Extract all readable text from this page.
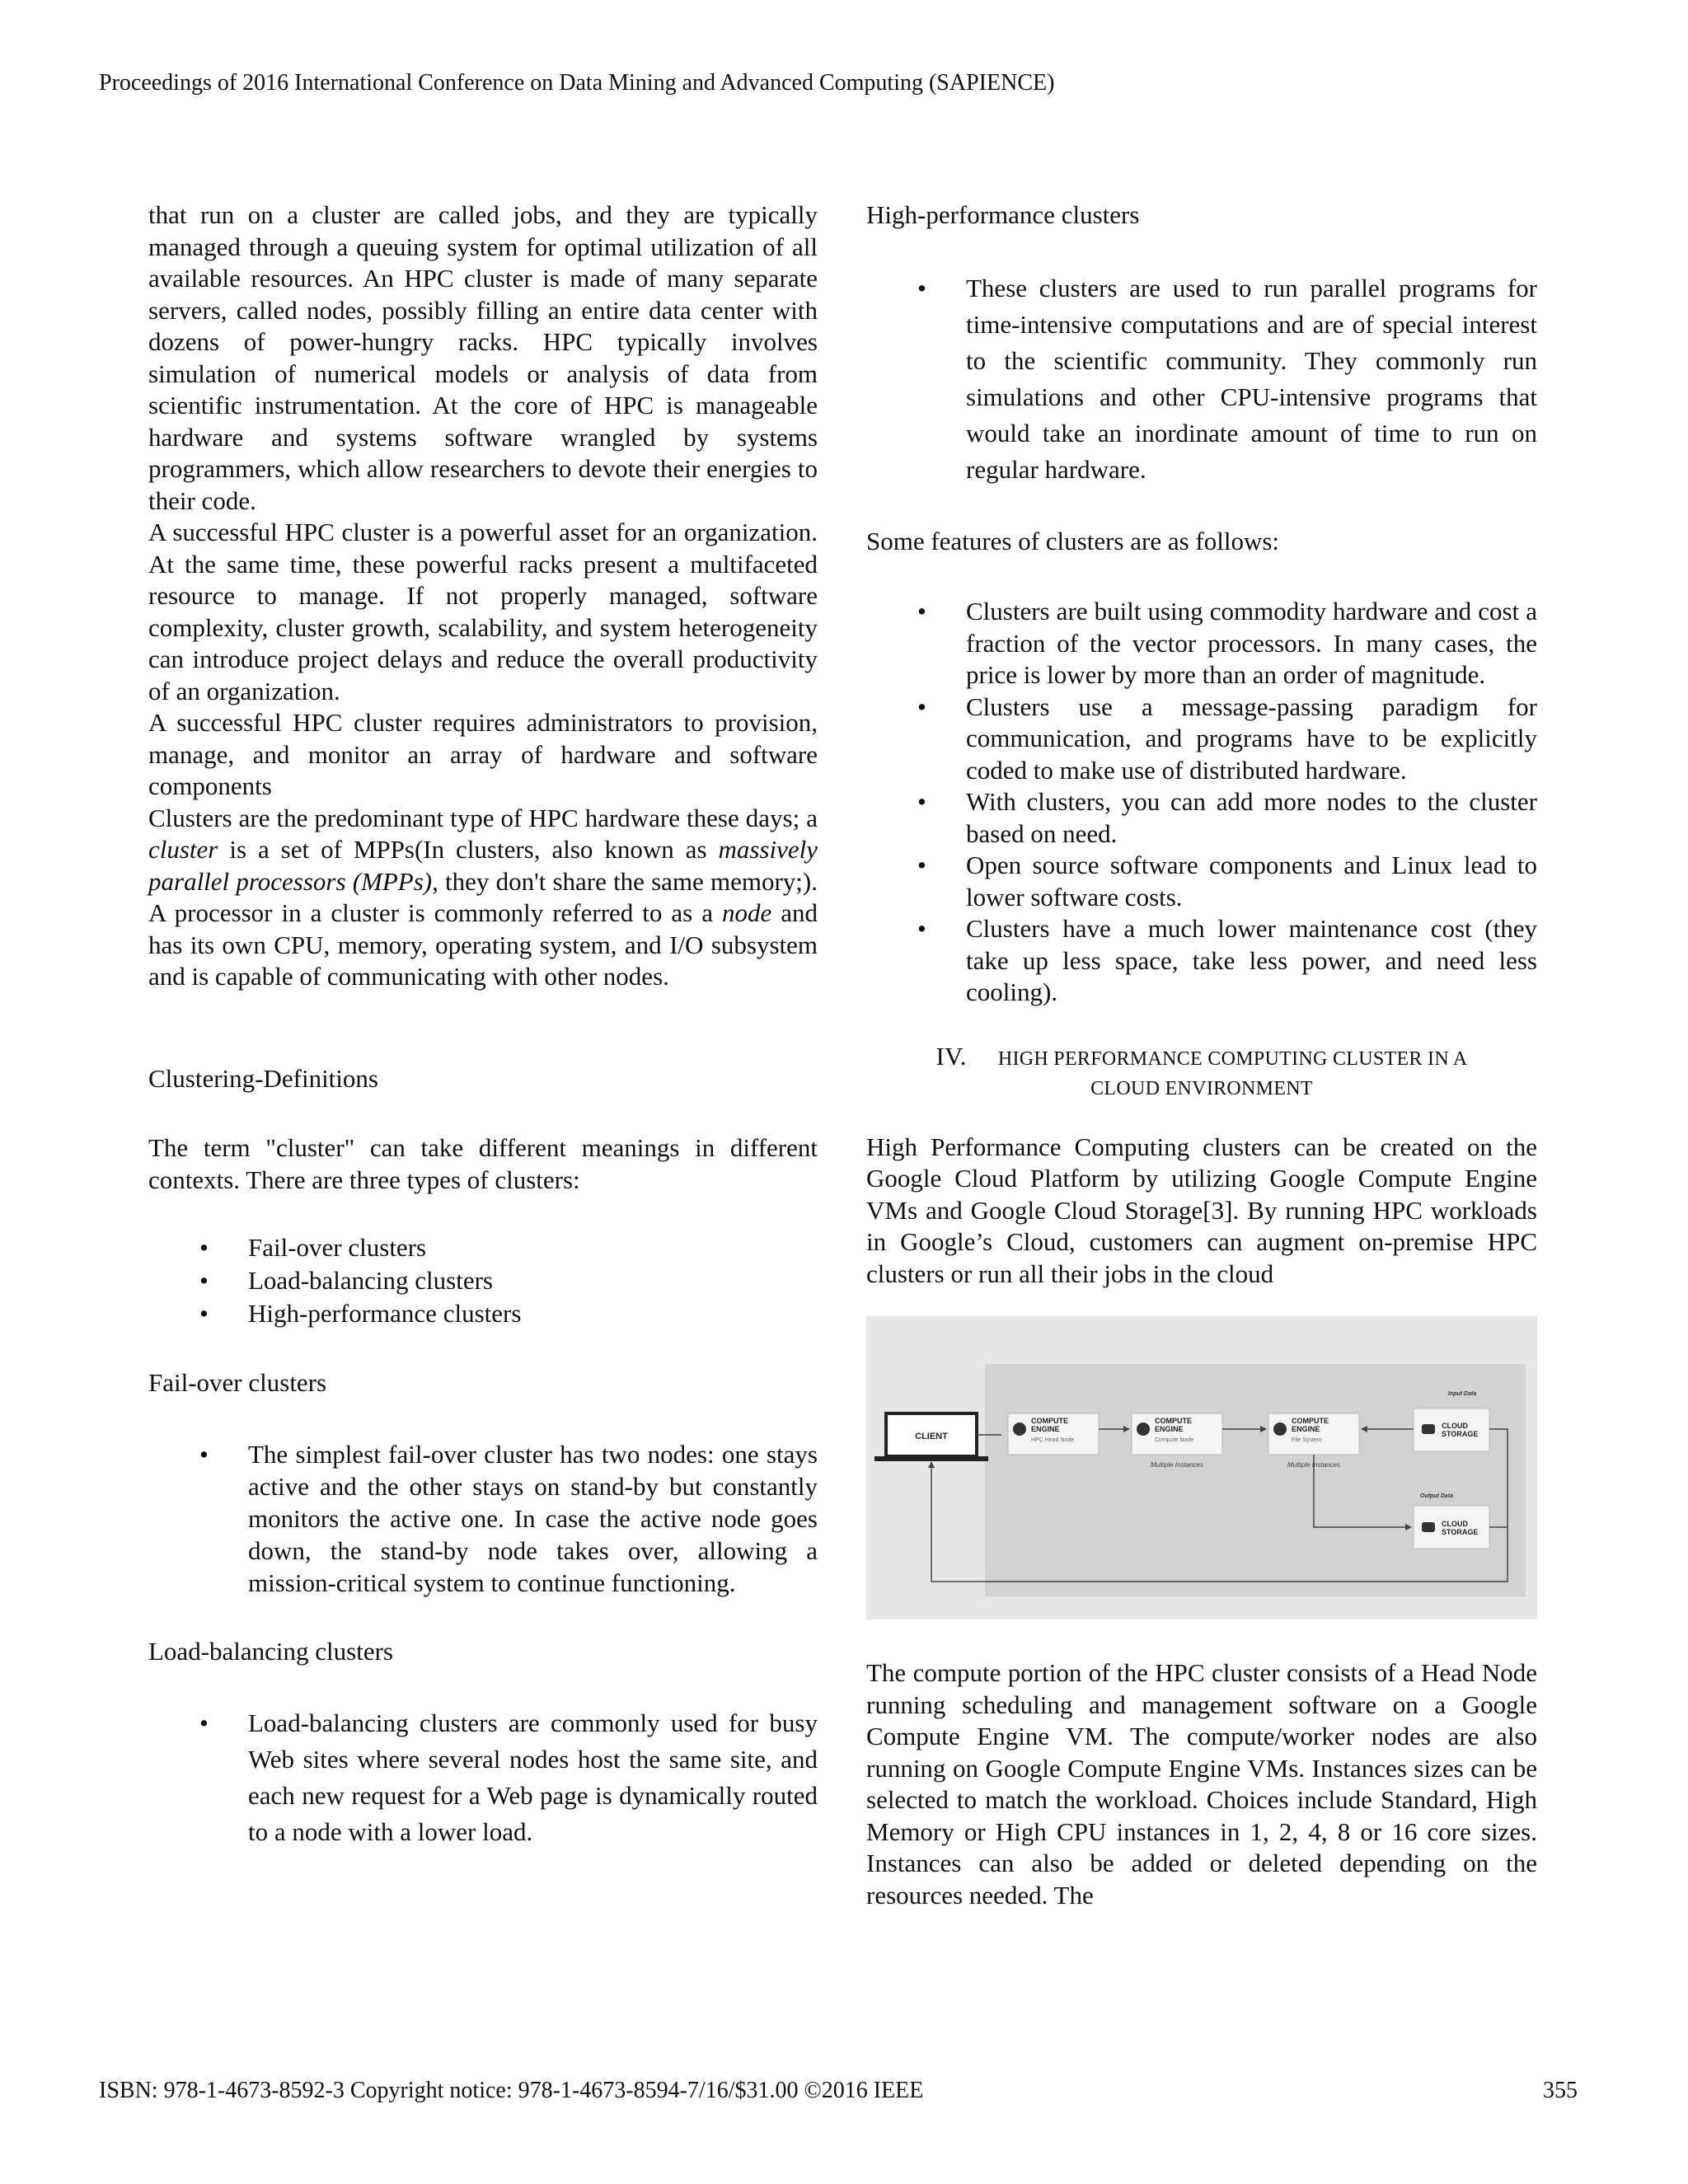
Proceedings of 2016 International Conference on Data Mining and Advanced Computing (SAPIENCE)

that run on a cluster are called jobs, and they are typically managed through a queuing system for optimal utilization of all available resources. An HPC cluster is made of many separate servers, called nodes, possibly filling an entire data center with dozens of power-hungry racks. HPC typically involves simulation of numerical models or analysis of data from scientific instrumentation. At the core of HPC is manageable hardware and systems software wrangled by systems programmers, which allow researchers to devote their energies to their code.

A successful HPC cluster is a powerful asset for an organization. At the same time, these powerful racks present a multifaceted resource to manage. If not properly managed, software complexity, cluster growth, scalability, and system heterogeneity can introduce project delays and reduce the overall productivity of an organization.

A successful HPC cluster requires administrators to provision, manage, and monitor an array of hardware and software components

Clusters are the predominant type of HPC hardware these days; a cluster is a set of MPPs(In clusters, also known as massively parallel processors (MPPs), they don't share the same memory;). A processor in a cluster is commonly referred to as a node and has its own CPU, memory, operating system, and I/O subsystem and is capable of communicating with other nodes.

Clustering-Definitions

The term "cluster" can take different meanings in different contexts. There are three types of clusters:

• Fail-over clusters
• Load-balancing clusters
• High-performance clusters

Fail-over clusters

• The simplest fail-over cluster has two nodes: one stays active and the other stays on stand-by but constantly monitors the active one. In case the active node goes down, the stand-by node takes over, allowing a mission-critical system to continue functioning.

Load-balancing clusters

• Load-balancing clusters are commonly used for busy Web sites where several nodes host the same site, and each new request for a Web page is dynamically routed to a node with a lower load.

High-performance clusters

• These clusters are used to run parallel programs for time-intensive computations and are of special interest to the scientific community. They commonly run simulations and other CPU-intensive programs that would take an inordinate amount of time to run on regular hardware.

Some features of clusters are as follows:

• Clusters are built using commodity hardware and cost a fraction of the vector processors. In many cases, the price is lower by more than an order of magnitude.
• Clusters use a message-passing paradigm for communication, and programs have to be explicitly coded to make use of distributed hardware.
• With clusters, you can add more nodes to the cluster based on need.
• Open source software components and Linux lead to lower software costs.
• Clusters have a much lower maintenance cost (they take up less space, take less power, and need less cooling).

IV. HIGH PERFORMANCE COMPUTING CLUSTER IN A
CLOUD ENVIRONMENT

High Performance Computing clusters can be created on the Google Cloud Platform by utilizing Google Compute Engine VMs and Google Cloud Storage[3]. By running HPC workloads in Google’s Cloud, customers can augment on-premise HPC clusters or run all their jobs in the cloud

CLIENT
COMPUTE
ENGINE
HPC Head Node
COMPUTE
ENGINE
Compute Node
Multiple Instances
COMPUTE
ENGINE
File System
Multiple Instances
Input Data
CLOUD
STORAGE
Output Data
CLOUD
STORAGE

The compute portion of the HPC cluster consists of a Head Node running scheduling and management software on a Google Compute Engine VM. The compute/worker nodes are also running on Google Compute Engine VMs. Instances sizes can be selected to match the workload. Choices include Standard, High Memory or High CPU instances in 1, 2, 4, 8 or 16 core sizes. Instances can also be added or deleted depending on the resources needed. The

ISBN: 978-1-4673-8592-3 Copyright notice: 978-1-4673-8594-7/16/$31.00 ©2016 IEEE	355
